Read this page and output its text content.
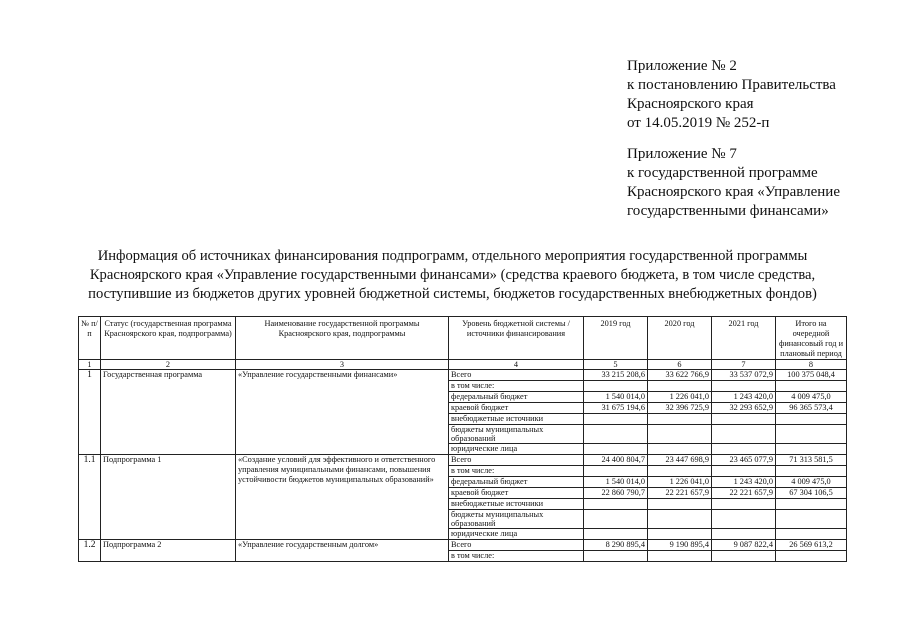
Приложение № 2
к постановлению Правительства
Красноярского края
от 14.05.2019 № 252-п
Приложение № 7
к государственной программе
Красноярского края «Управление
государственными финансами»
Информация об источниках финансирования подпрограмм, отдельного мероприятия государственной программы
Красноярского края «Управление государственными финансами» (средства краевого бюджета, в том числе средства,
поступившие из бюджетов других уровней бюджетной системы, бюджетов государственных внебюджетных фондов)
№ п/п	Статус (государственная программа Красноярского края, подпрограмма)	Наименование государственной программы Красноярского края, подпрограммы	Уровень бюджетной системы / источники финансирования	2019 год	2020 год	2021 год	Итого на очередной финансовый год и плановый период
1	2	3	4	5	6	7	8
1	Государственная программа	«Управление государственными финансами»	Всего	33 215 208,6	33 622 766,9	33 537 072,9	100 375 048,4
			в том числе:				
			федеральный бюджет	1 540 014,0	1 226 041,0	1 243 420,0	4 009 475,0
			краевой бюджет	31 675 194,6	32 396 725,9	32 293 652,9	96 365 573,4
			внебюджетные источники				
			бюджеты муниципальных образований				

			юридические лица				
1.1	Подпрограмма 1	«Создание условий для эффективного и ответственного управления муниципальными финансами, повышения устойчивости бюджетов муниципальных образований»	Всего	24 400 804,7	23 447 698,9	23 465 077,9	71 313 581,5
			в том числе:				
			федеральный бюджет	1 540 014,0	1 226 041,0	1 243 420,0	4 009 475,0
			краевой бюджет	22 860 790,7	22 221 657,9	22 221 657,9	67 304 106,5
			внебюджетные источники				
			бюджеты муниципальных образований				

			юридические лица				
1.2	Подпрограмма 2	«Управление государственным долгом»	Всего	8 290 895,4	9 190 895,4	9 087 822,4	26 569 613,2
			в том числе:				
